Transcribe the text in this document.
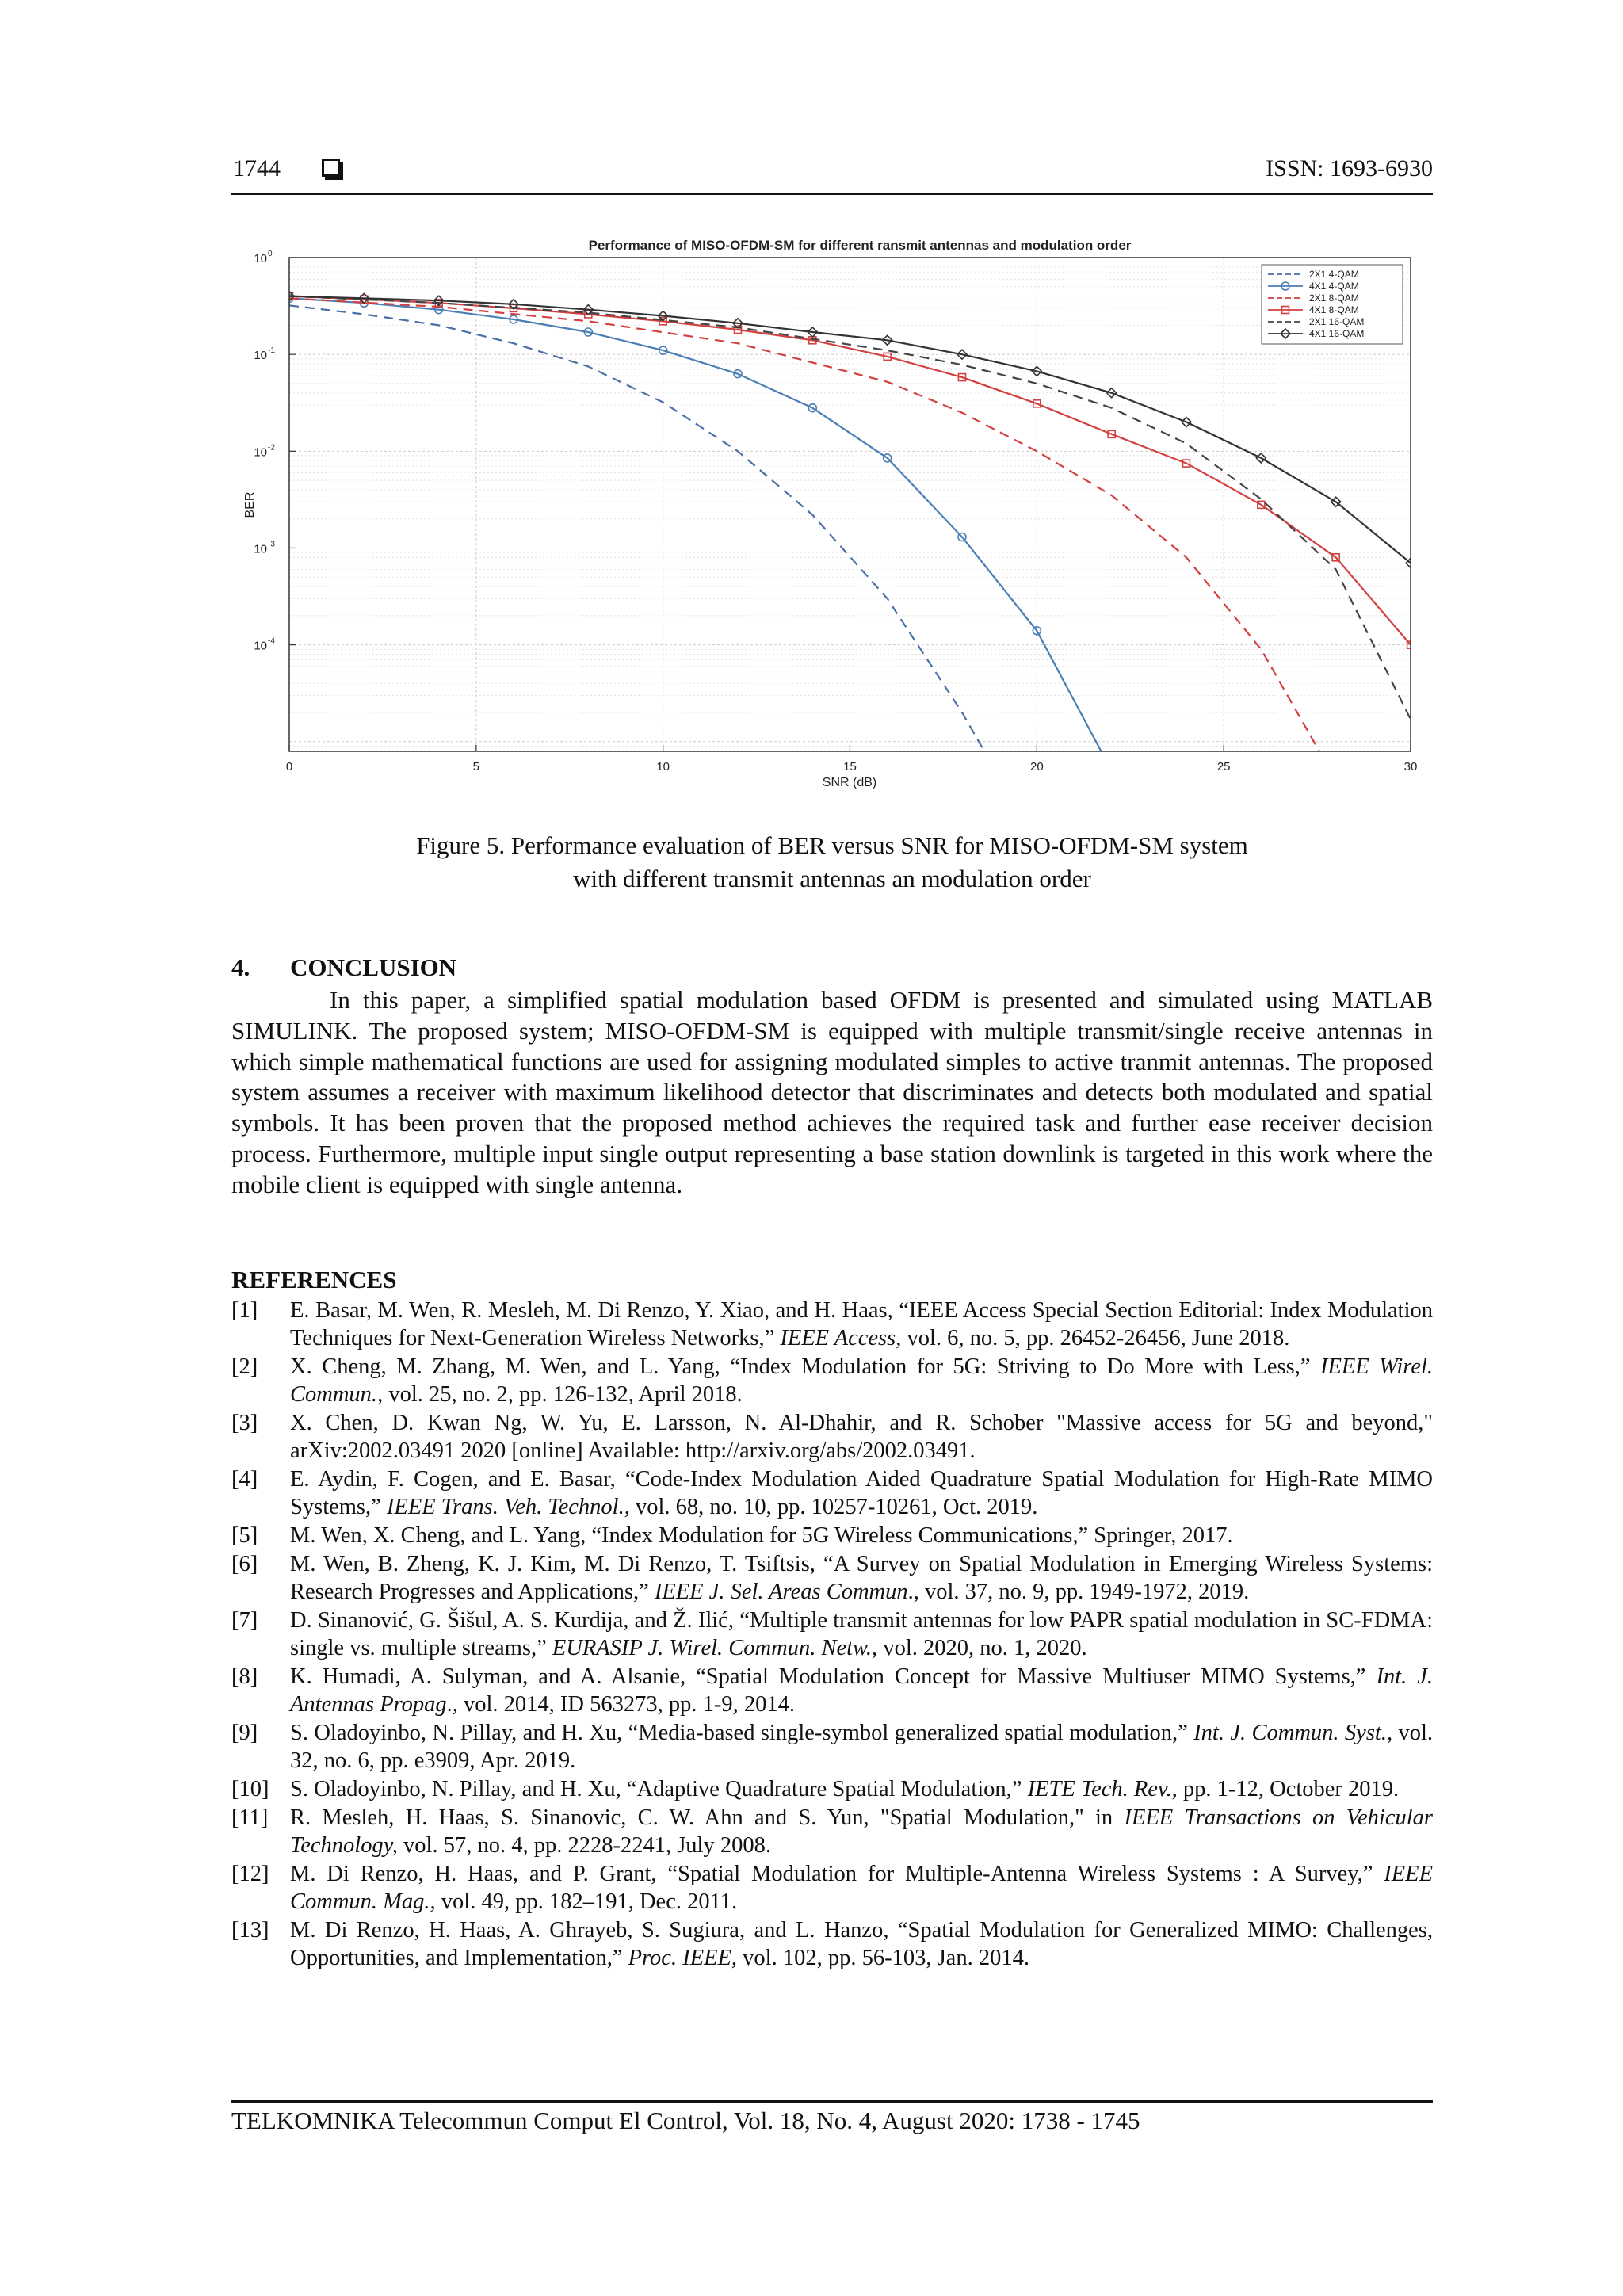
1744	ISSN: 1693-6930
Performance of MISO-OFDM-SM for different ransmit antennas and modulation order
0	5	10	15	20	25	30
10 0
10 -1
10 -2
10 -3
10 -4
SNR (dB)
BER
2X1 4-QAM
4X1 4-QAM
2X1 8-QAM
4X1 8-QAM
2X1 16-QAM
4X1 16-QAM
Figure 5. Performance evaluation of BER versus SNR for MISO-OFDM-SM system
with different transmit antennas an modulation order
4. CONCLUSION
In this paper, a simplified spatial modulation based OFDM is presented and simulated using MATLAB SIMULINK. The proposed system; MISO-OFDM-SM is equipped with multiple transmit/single receive antennas in which simple mathematical functions are used for assigning modulated simples to active tranmit antennas. The proposed system assumes a receiver with maximum likelihood detector that discriminates and detects both modulated and spatial symbols. It has been proven that the proposed method achieves the required task and further ease receiver decision process. Furthermore, multiple input single output representing a base station downlink is targeted in this work where the mobile client is equipped with single antenna.
REFERENCES
[1]	E. Basar, M. Wen, R. Mesleh, M. Di Renzo, Y. Xiao, and H. Haas, “IEEE Access Special Section Editorial: Index Modulation Techniques for Next-Generation Wireless Networks,” IEEE Access, vol. 6, no. 5, pp. 26452-26456, June 2018.
[2]	X. Cheng, M. Zhang, M. Wen, and L. Yang, “Index Modulation for 5G: Striving to Do More with Less,” IEEE Wirel. Commun., vol. 25, no. 2, pp. 126-132, April 2018.
[3]	X. Chen, D. Kwan Ng, W. Yu, E. Larsson, N. Al-Dhahir, and R. Schober "Massive access for 5G and beyond," arXiv:2002.03491 2020 [online] Available: http://arxiv.org/abs/2002.03491.
[4]	E. Aydin, F. Cogen, and E. Basar, “Code-Index Modulation Aided Quadrature Spatial Modulation for High-Rate MIMO Systems,” IEEE Trans. Veh. Technol., vol. 68, no. 10, pp. 10257-10261, Oct. 2019.
[5]	M. Wen, X. Cheng, and L. Yang, “Index Modulation for 5G Wireless Communications,” Springer, 2017.
[6]	M. Wen, B. Zheng, K. J. Kim, M. Di Renzo, T. Tsiftsis, “A Survey on Spatial Modulation in Emerging Wireless Systems: Research Progresses and Applications,” IEEE J. Sel. Areas Commun., vol. 37, no. 9, pp. 1949-1972, 2019.
[7]	D. Sinanović, G. Šišul, A. S. Kurdija, and Ž. Ilić, “Multiple transmit antennas for low PAPR spatial modulation in SC-FDMA: single vs. multiple streams,” EURASIP J. Wirel. Commun. Netw., vol. 2020, no. 1, 2020.
[8]	K. Humadi, A. Sulyman, and A. Alsanie, “Spatial Modulation Concept for Massive Multiuser MIMO Systems,” Int. J. Antennas Propag., vol. 2014, ID 563273, pp. 1-9, 2014.
[9]	S. Oladoyinbo, N. Pillay, and H. Xu, “Media-based single-symbol generalized spatial modulation,” Int. J. Commun. Syst., vol. 32, no. 6, pp. e3909, Apr. 2019.
[10] S. Oladoyinbo, N. Pillay, and H. Xu, “Adaptive Quadrature Spatial Modulation,” IETE Tech. Rev., pp. 1-12, October 2019.
[11] R. Mesleh, H. Haas, S. Sinanovic, C. W. Ahn and S. Yun, "Spatial Modulation," in IEEE Transactions on Vehicular Technology, vol. 57, no. 4, pp. 2228-2241, July 2008.
[12] M. Di Renzo, H. Haas, and P. Grant, “Spatial Modulation for Multiple-Antenna Wireless Systems : A Survey,” IEEE Commun. Mag., vol. 49, pp. 182–191, Dec. 2011.
[13] M. Di Renzo, H. Haas, A. Ghrayeb, S. Sugiura, and L. Hanzo, “Spatial Modulation for Generalized MIMO: Challenges, Opportunities, and Implementation,” Proc. IEEE, vol. 102, pp. 56-103, Jan. 2014.
TELKOMNIKA Telecommun Comput El Control, Vol. 18, No. 4, August 2020: 1738 - 1745
